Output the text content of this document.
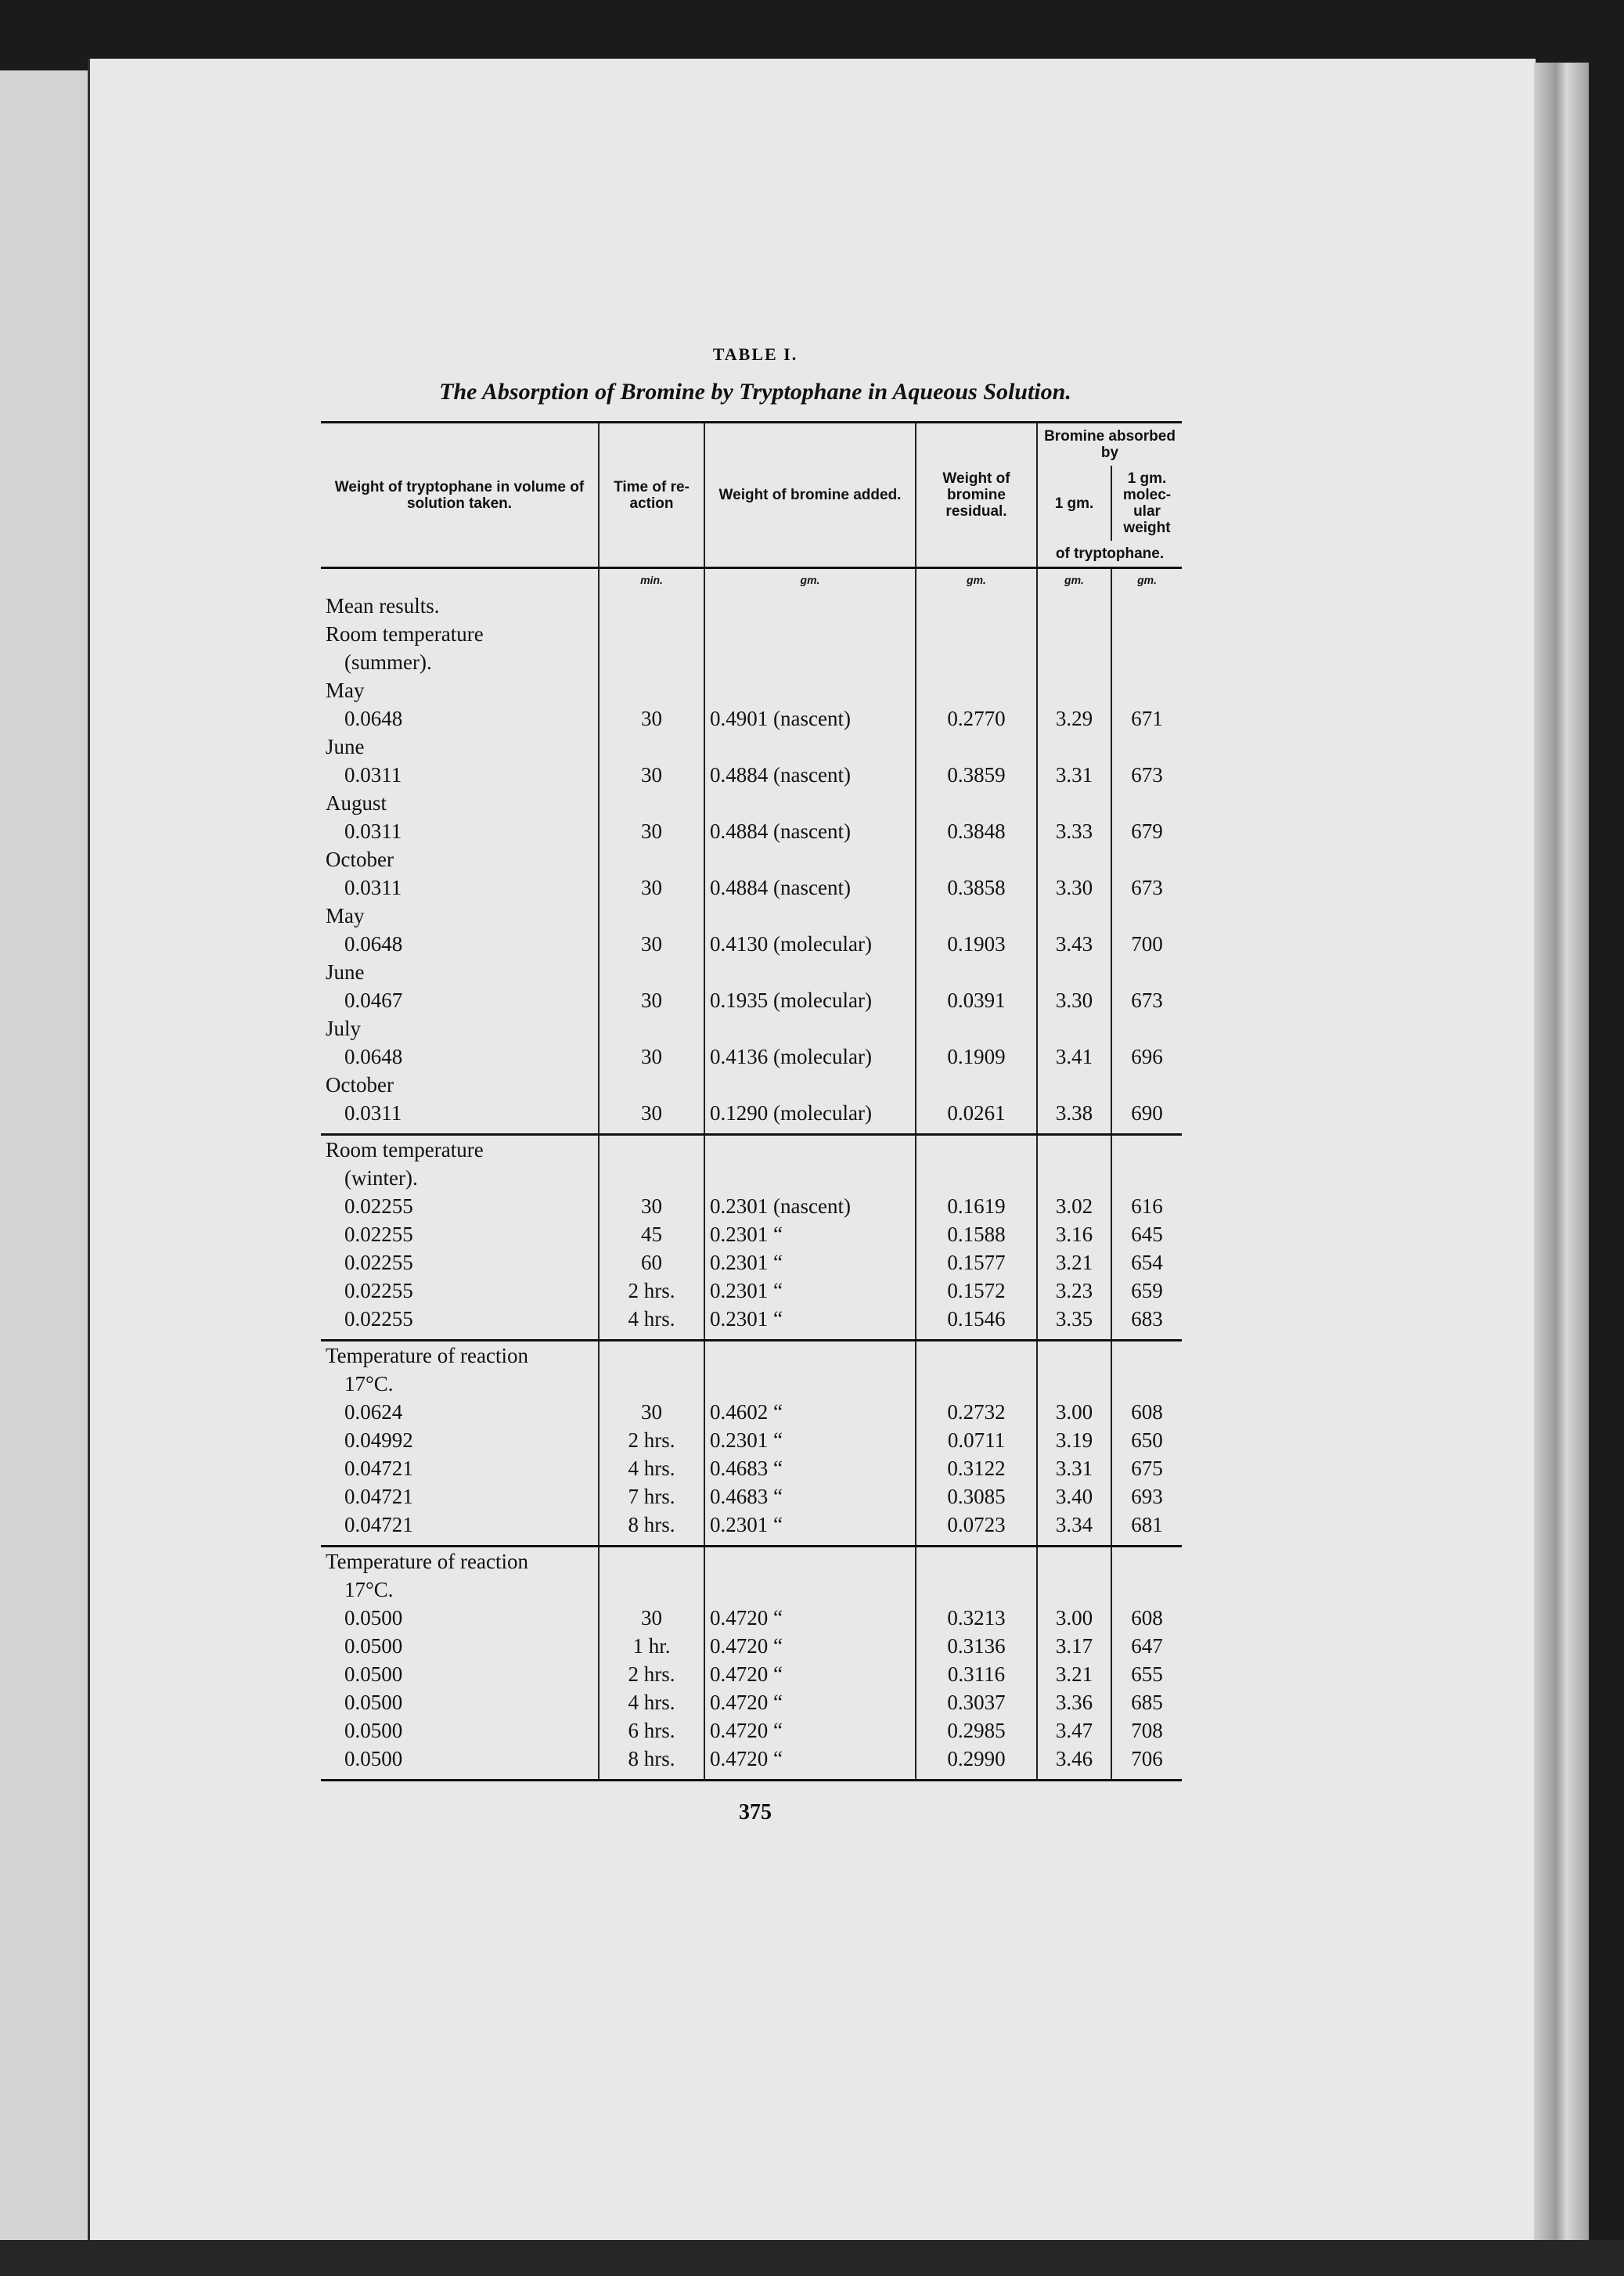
TABLE I.
The Absorption of Bromine by Tryptophane in Aqueous Solution.
Weight of tryptophane in volume of solution taken.	Time of re-action	Weight of bromine added.	Weight of bromine residual.	Bromine absorbed by	
				1 gm.	1 gm. molec-ular weight
				of tryptophane.	
	min.	gm.	gm.	gm.	gm.
Mean results.					
Room temperature					
(summer).					
May					
0.0648	30	0.4901 (nascent)	0.2770	3.29	671
June					
0.0311	30	0.4884 (nascent)	0.3859	3.31	673
August					
0.0311	30	0.4884 (nascent)	0.3848	3.33	679
October					
0.0311	30	0.4884 (nascent)	0.3858	3.30	673
May					
0.0648	30	0.4130 (molecular)	0.1903	3.43	700
June					
0.0467	30	0.1935 (molecular)	0.0391	3.30	673
July					
0.0648	30	0.4136 (molecular)	0.1909	3.41	696
October					
0.0311	30	0.1290 (molecular)	0.0261	3.38	690
Room temperature					
(winter).					
0.02255	30	0.2301 (nascent)	0.1619	3.02	616
0.02255	45	0.2301 “	0.1588	3.16	645
0.02255	60	0.2301 “	0.1577	3.21	654
0.02255	2 hrs.	0.2301 “	0.1572	3.23	659
0.02255	4 hrs.	0.2301 “	0.1546	3.35	683
Temperature of reaction					
17°C.					
0.0624	30	0.4602 “	0.2732	3.00	608
0.04992	2 hrs.	0.2301 “	0.0711	3.19	650
0.04721	4 hrs.	0.4683 “	0.3122	3.31	675
0.04721	7 hrs.	0.4683 “	0.3085	3.40	693
0.04721	8 hrs.	0.2301 “	0.0723	3.34	681
Temperature of reaction					
17°C.					
0.0500	30	0.4720 “	0.3213	3.00	608
0.0500	1 hr.	0.4720 “	0.3136	3.17	647
0.0500	2 hrs.	0.4720 “	0.3116	3.21	655
0.0500	4 hrs.	0.4720 “	0.3037	3.36	685
0.0500	6 hrs.	0.4720 “	0.2985	3.47	708
0.0500	8 hrs.	0.4720 “	0.2990	3.46	706
375
